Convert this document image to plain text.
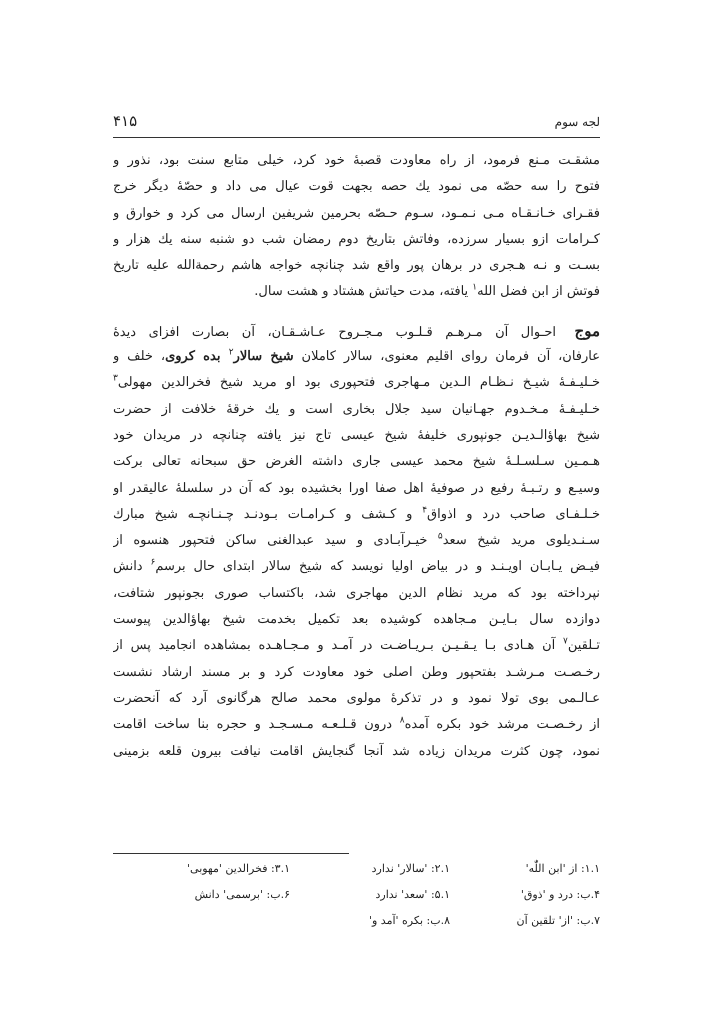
لجه سوم
۴۱۵
مشقـت مـنع فرمود، از راه معاودت قصبهٔ خود کرد، خیلی متابع سنت بود، نذور و
فتوح را سه حصّه می نمود یك حصه بجهت قوت عیال می داد و حصّهٔ دیگر خرج
فقـرای خـانـقـاه مـی نـمـود، سـوم حـصّه بحرمین شریفین ارسال می کرد و خوارق و
کـرامات ازو بسیار سرزده، وفاتش بتاریخ دوم رمضان شب دو شنبه سنه یك هزار و
بسـت و نـه هـجری در برهان پور واقع شد چنانچه خواجه هاشم رحمةالله علیه تاریخ
فوتش از ابن فضل الله$^۱$ یافته، مدت حیاتش هشتاد و هشت سال.
موج احـوال آن مـرهـم قـلـوب مـجـروح عـاشـقـان، آن بصارت افزای دیدهٔ
عارفان، آن فرمان روای اقلیم معنوی، سالار کاملان شیخ سالار$^۲$ بده کروی، خلف و
خـلیـفـهٔ شیـخ نـظـام الـدین مـهاجری فتحپوری بود او مرید شیخ فخرالدین مهولی$^۳$
خـلیـفـهٔ مـخـدوم جهـانیان سید جلال بخاری است و یك خرقهٔ خلافت از حضرت
شیخ بهاؤالـدیـن جونپوری خلیفهٔ شیخ عیسی تاج نیز یافته چنانچه در مریدان خود
هـمـین سـلسـلـهٔ شیخ محمد عیسی جاری داشته الغرض حق سبحانه تعالی برکت
وسیـع و رتـبـهٔ رفیع در صوفیهٔ اهل صفا اورا بخشیده بود که آن در سلسلهٔ عالیقدر او
خـلـفـای صاحب درد و اذواق$^۴$ و کـشف و کـرامـات بـودنـد چـنـانچـه شیخ مبارك
سـنـدیلوی مرید شیخ سعد$^۵$ خیـرآبـادی و سید عبدالغنی ساکن فتحپور هنسوه از
فیـض یـابـان اویـنـد و در بیاض اولیا نویسد که شیخ سالار ابتدای حال برسم$^۶$ دانش
نپرداخته بود که مرید نظام الدین مهاجری شد، باکتساب صوری بجونپور شتافت،
دوازده سال بـایـن مـجاهده کوشیده بعد تکمیل بخدمت شیخ بهاؤالدین پیوست
تـلقین$^۷$ آن هـادی بـا یـقـیـن بـریـاضـت در آمـد و مـجـاهـده بمشاهده انجامید پس از
رخـصـت مـرشـد بفتحپور وطن اصلی خود معاودت کرد و بر مسند ارشاد نشست
عـالـمی بوی تولا نمود و در تذکرهٔ مولوی محمد صالح هرگانوی آرد که آنحضرت
از رخـصـت مرشد خود بکره آمده$^۸$ درون قـلـعـه مـسـجـد و حجره بنا ساخت اقامت
نمود، چون کثرت مریدان زیاده شد آنجا گنجایش اقامت نیافت بیرون قلعه بزمینی
۱.۱: از 'ابن اللّٰه'
۲.۱: 'سالار' ندارد
۳.۱: فخرالدین 'مهوبی'
۴.ب: درد و 'ذوق'
۵.۱: 'سعد' ندارد
۶.ب: 'برسمی' دانش
۷.ب: 'از' تلقین آن
۸.ب: بکره 'آمد و'
